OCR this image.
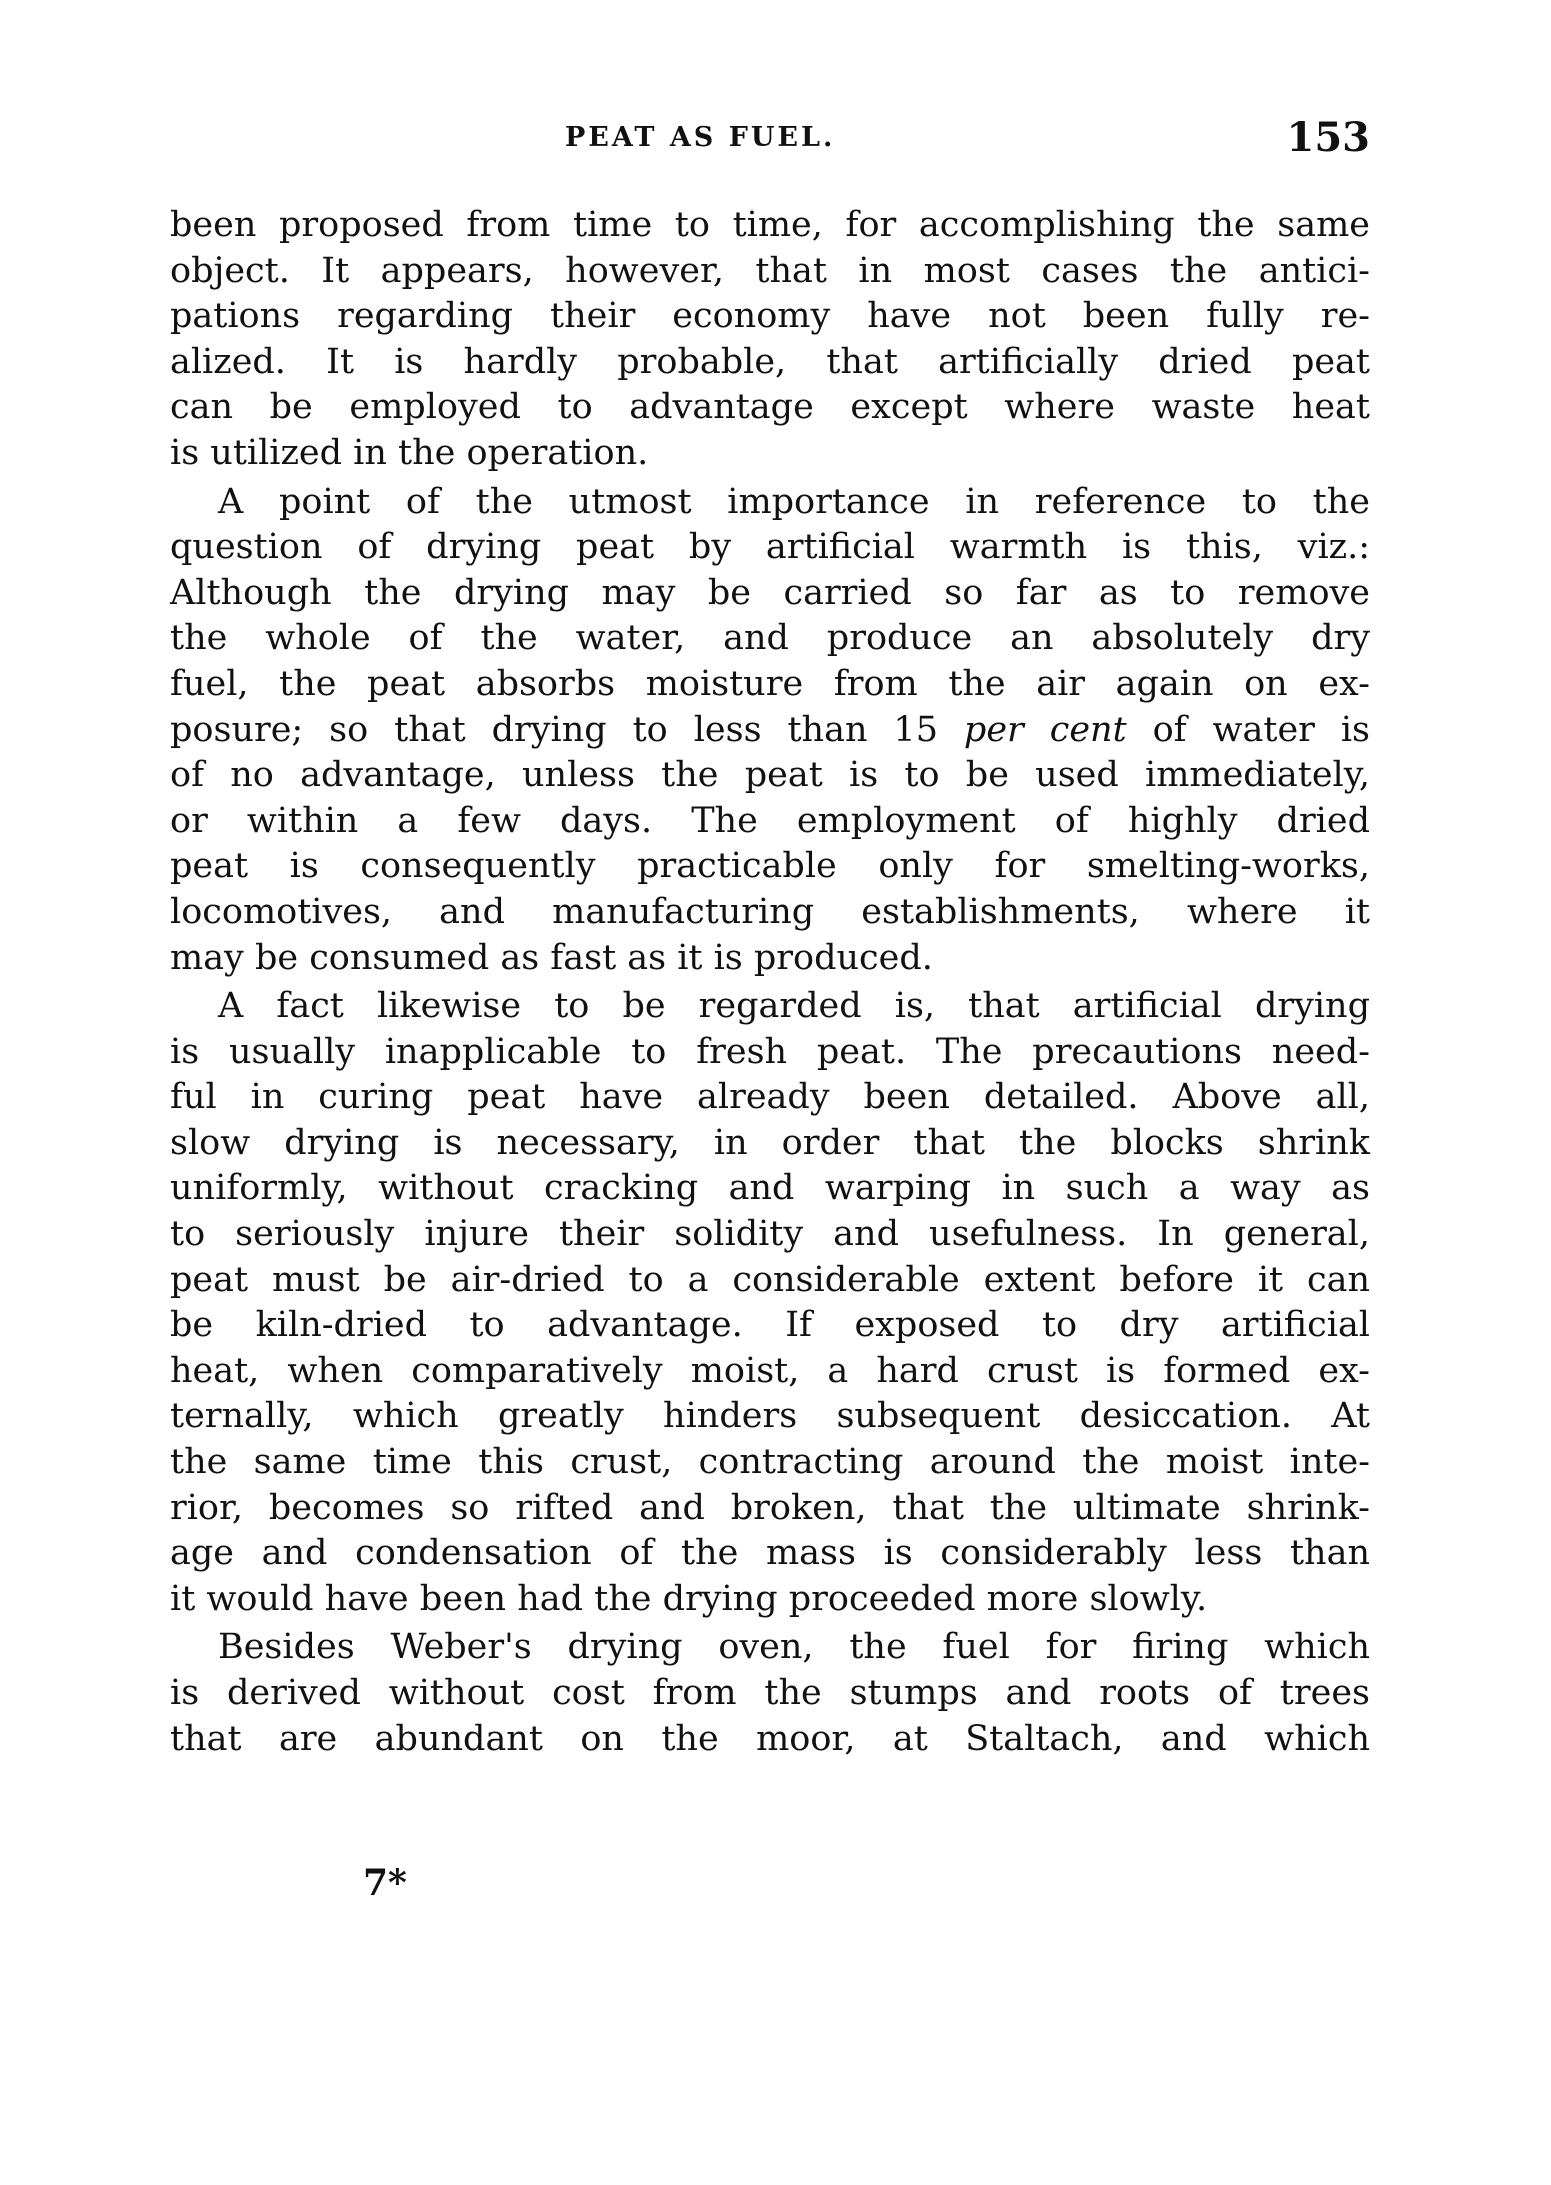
PEAT AS FUEL.	153
been proposed from time to time, for accomplishing the same
object. It appears, however, that in most cases the antici-
pations regarding their economy have not been fully re-
alized. It is hardly probable, that artificially dried peat
can be employed to advantage except where waste heat
is utilized in the operation.
A point of the utmost importance in reference to the
question of drying peat by artificial warmth is this, viz.:
Although the drying may be carried so far as to remove
the whole of the water, and produce an absolutely dry
fuel, the peat absorbs moisture from the air again on ex-
posure; so that drying to less than 15 per cent of water is
of no advantage, unless the peat is to be used immediately,
or within a few days. The employment of highly dried
peat is consequently practicable only for smelting-works,
locomotives, and manufacturing establishments, where it
may be consumed as fast as it is produced.
A fact likewise to be regarded is, that artificial drying
is usually inapplicable to fresh peat. The precautions need-
ful in curing peat have already been detailed. Above all,
slow drying is necessary, in order that the blocks shrink
uniformly, without cracking and warping in such a way as
to seriously injure their solidity and usefulness. In general,
peat must be air-dried to a considerable extent before it can
be kiln-dried to advantage. If exposed to dry artificial
heat, when comparatively moist, a hard crust is formed ex-
ternally, which greatly hinders subsequent desiccation. At
the same time this crust, contracting around the moist inte-
rior, becomes so rifted and broken, that the ultimate shrink-
age and condensation of the mass is considerably less than
it would have been had the drying proceeded more slowly.
Besides Weber's drying oven, the fuel for firing which
is derived without cost from the stumps and roots of trees
that are abundant on the moor, at Staltach, and which
7*
